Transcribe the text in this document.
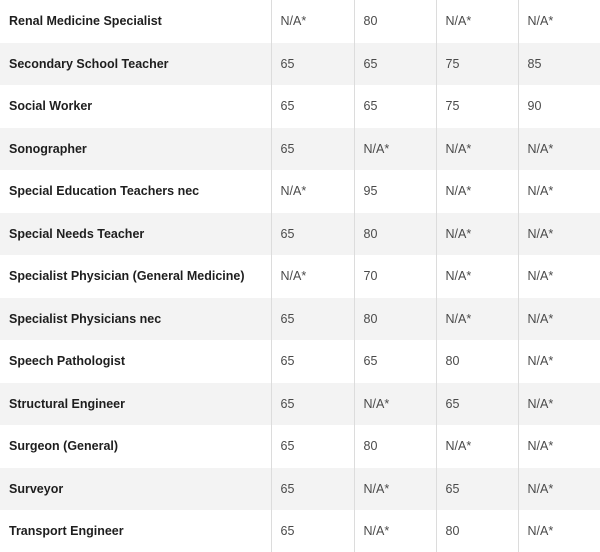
Renal Medicine Specialist	N/A*	80	N/A*	N/A*
Secondary School Teacher	65	65	75	85
Social Worker	65	65	75	90
Sonographer	65	N/A*	N/A*	N/A*
Special Education Teachers nec	N/A*	95	N/A*	N/A*
Special Needs Teacher	65	80	N/A*	N/A*
Specialist Physician (General Medicine)	N/A*	70	N/A*	N/A*
Specialist Physicians nec	65	80	N/A*	N/A*
Speech Pathologist	65	65	80	N/A*
Structural Engineer	65	N/A*	65	N/A*
Surgeon (General)	65	80	N/A*	N/A*
Surveyor	65	N/A*	65	N/A*
Transport Engineer	65	N/A*	80	N/A*
